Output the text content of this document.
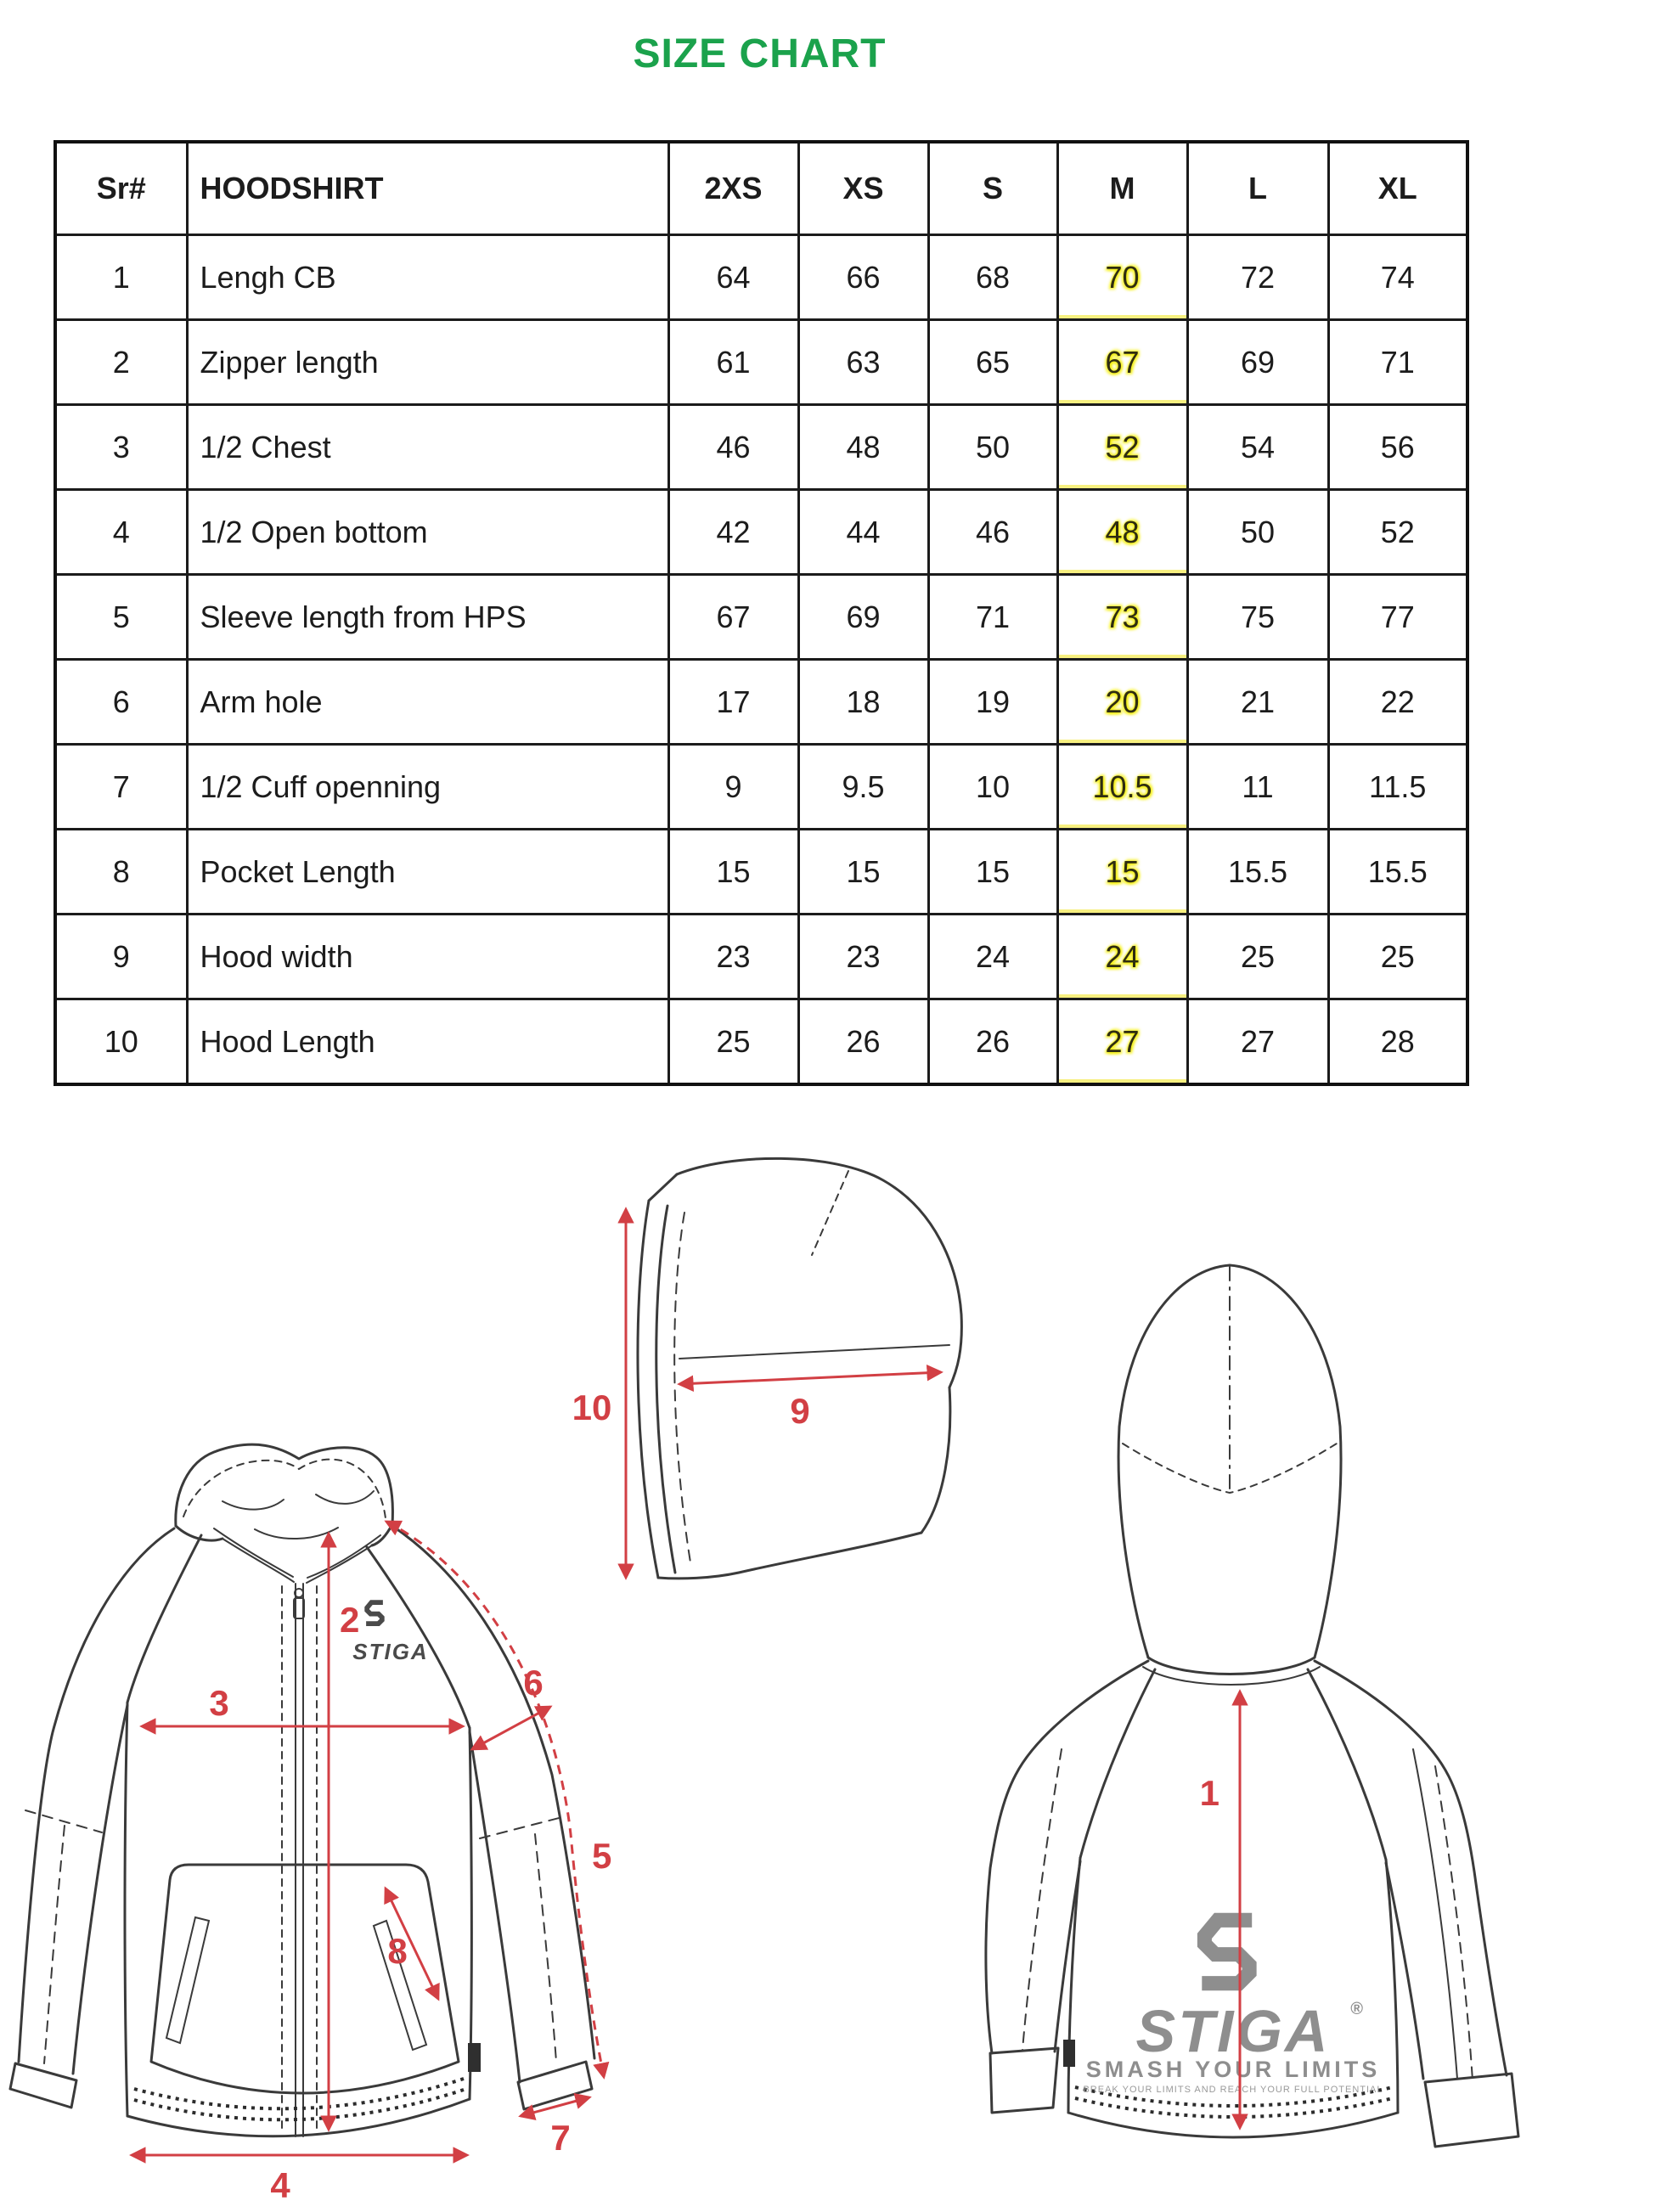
SIZE CHART
Sr#	HOODSHIRT	2XS	XS	S	M	L	XL
1	Lengh CB	64	66	68	70	72	74
2	Zipper length	61	63	65	67	69	71
3	1/2 Chest	46	48	50	52	54	56
4	1/2 Open bottom	42	44	46	48	50	52
5	Sleeve length from HPS	67	69	71	73	75	77
6	Arm hole	17	18	19	20	21	22
7	1/2 Cuff openning	9	9.5	10	10.5	11	11.5
8	Pocket Length	15	15	15	15	15.5	15.5
9	Hood width	23	23	24	24	25	25
10	Hood Length	25	26	26	27	27	28
STIGA
2
3
4
5
6
7
8
10	9
STIGA ®
SMASH YOUR LIMITS
BREAK YOUR LIMITS AND REACH YOUR FULL POTENTIAL
1
